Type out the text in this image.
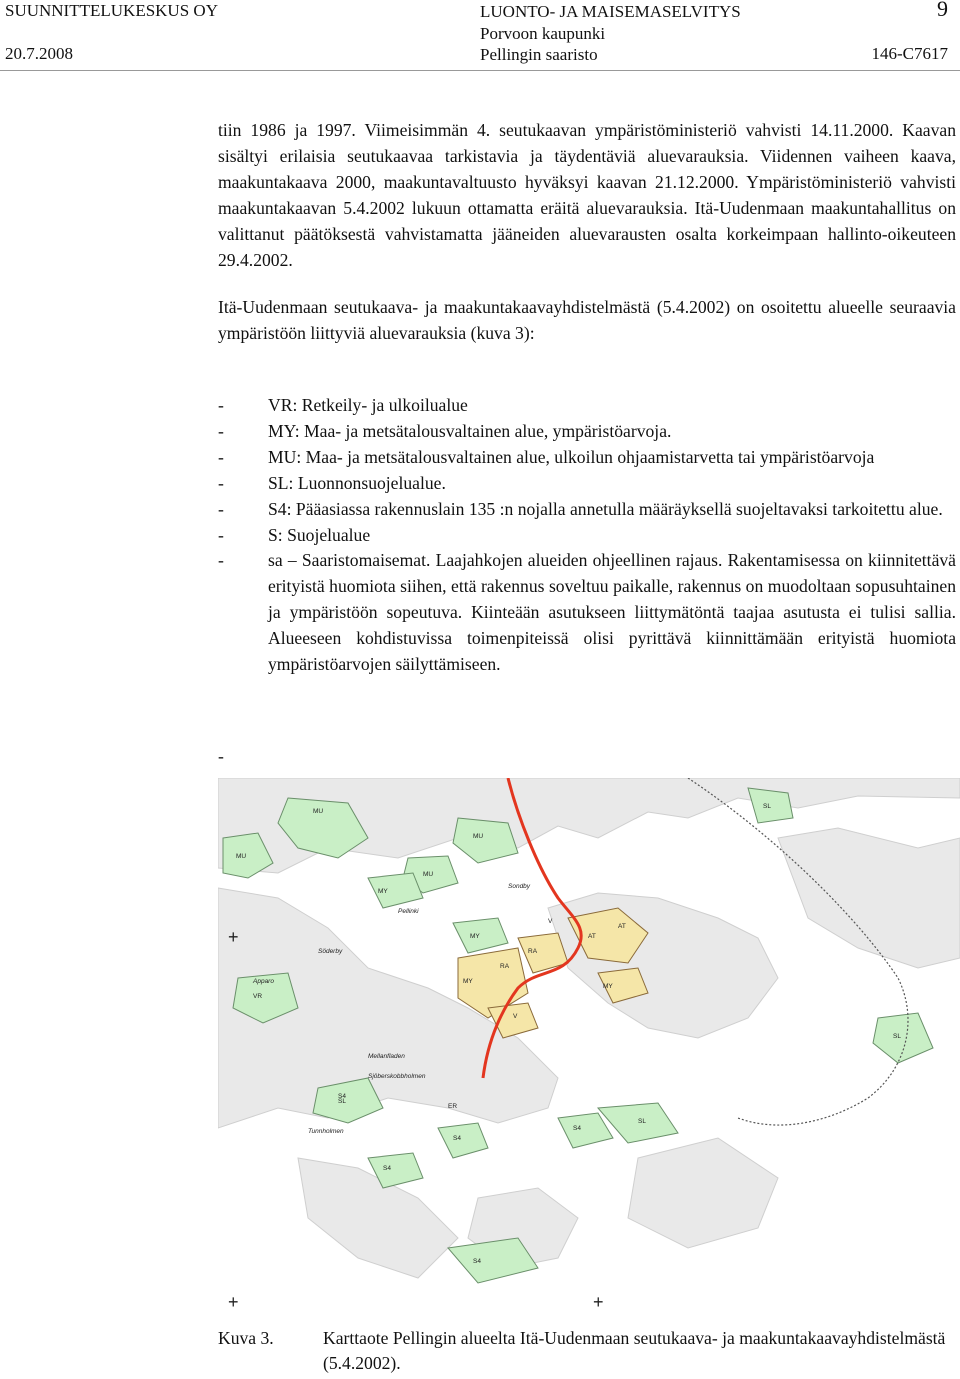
SUUNNITTELUKESKUS OY
20.7.2008
LUONTO- JA MAISEMASELVITYS
Porvoon kaupunki
Pellingin saaristo
9
146-C7617

tiin 1986 ja 1997. Viimeisimmän 4. seutukaavan ympäristöministeriö vahvisti 14.11.2000. Kaavan sisältyi erilaisia seutukaavaa tarkistavia ja täydentäviä aluevarauksia. Viidennen vaiheen kaava, maakuntakaava 2000, maakuntavaltuusto hyväksyi kaavan 21.12.2000. Ympäristöministeriö vahvisti maakuntakaavan 5.4.2002 lukuun ottamatta eräitä aluevarauksia. Itä-Uudenmaan maakuntahallitus on valittanut päätöksestä vahvistamatta jääneiden aluevarausten osalta korkeimpaan hallinto-oikeuteen 29.4.2002.

Itä-Uudenmaan seutukaava- ja maakuntakaavayhdistelmästä (5.4.2002) on osoitettu alueelle seuraavia ympäristöön liittyviä aluevarauksia (kuva 3):

-	VR: Retkeily- ja ulkoilualue
-	MY: Maa- ja metsätalousvaltainen alue, ympäristöarvoja.
-	MU: Maa- ja metsätalousvaltainen alue, ulkoilun ohjaamistarvetta tai ympäristöarvoja
-	SL: Luonnonsuojelualue.
-	S4: Pääasiassa rakennuslain 135 :n nojalla annetulla määräyksellä suojeltavaksi tarkoitettu alue.
-	S: Suojelualue
-	sa – Saaristomaisemat. Laajahkojen alueiden ohjeellinen rajaus. Rakentamisessa on kiinnitettävä erityistä huomiota siihen, että rakennus soveltuu paikalle, rakennus on muodoltaan sopusuhtainen ja ympäristöön sopeutuva. Kiinteään asutukseen liittymätöntä taajaa asutusta ei tulisi sallia. Alueeseen kohdistuvissa toimenpiteissä olisi pyrittävä kiinnittämään erityistä huomiota ympäristöarvojen säilyttämiseen.
-
MU
MU
MU
MU
MY
MY
MY
MY
VR
SL
SL
SL
SL
S4
S4
S4
S4
S4
RA
RA
AT
AT
V
V
ER
Sondby
Pellinki
Söderby
Apparo
Tunnholmen
Sjöberskobbholmen
Mellanfladen
+
+	+
Kuva 3.	Karttaote Pellingin alueelta Itä-Uudenmaan seutukaava- ja maakuntakaavayhdistelmästä (5.4.2002).
